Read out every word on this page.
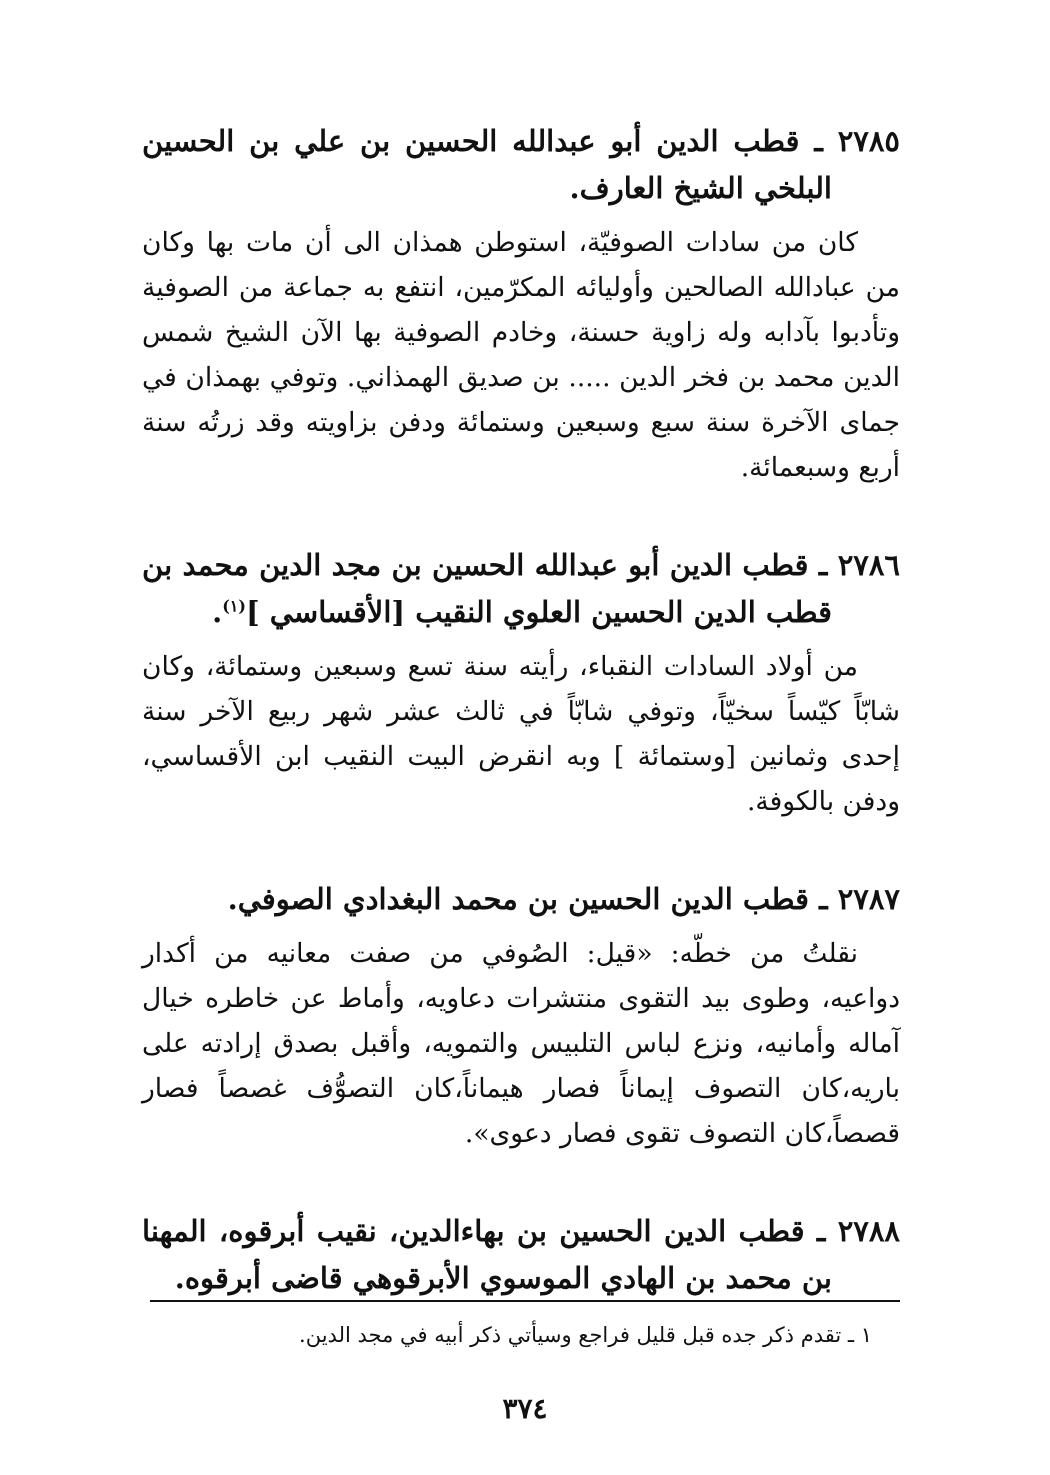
٢٧٨٥ ـ قطب الدين أبو عبدالله الحسين بن علي بن الحسين البلخي الشيخ العارف.

كان من سادات الصوفيّة، استوطن همذان الى أن مات بها وكان من عبادالله الصالحين وأوليائه المكرّمين، انتفع به جماعة من الصوفية وتأدبوا بآدابه وله زاوية حسنة، وخادم الصوفية بها الآن الشيخ شمس الدين محمد بن فخر الدين ..... بن صديق الهمذاني. وتوفي بهمذان في جماى الآخرة سنة سبع وسبعين وستمائة ودفن بزاويته وقد زرتُه سنة أربع وسبعمائة.

٢٧٨٦ ـ قطب الدين أبو عبدالله الحسين بن مجد الدين محمد بن قطب الدين الحسين العلوي النقيب [الأقساسي ]$^{(١)}$.

من أولاد السادات النقباء، رأيته سنة تسع وسبعين وستمائة، وكان شابّاً كيّساً سخيّاً، وتوفي شابّاً في ثالث عشر شهر ربيع الآخر سنة إحدى وثمانين [وستمائة ] وبه انقرض البيت النقيب ابن الأقساسي، ودفن بالكوفة.

٢٧٨٧ ـ قطب الدين الحسين بن محمد البغدادي الصوفي.

نقلتُ من خطّه: «قيل: الصُوفي من صفت معانيه من أكدار دواعيه، وطوى بيد التقوى منتشرات دعاويه، وأماط عن خاطره خيال آماله وأمانيه، ونزع لباس التلبيس والتمويه، وأقبل بصدق إرادته على باريه،كان التصوف إيماناً فصار هيماناً،كان التصوُّف غصصاً فصار قصصاً،كان التصوف تقوى فصار دعوى».

٢٧٨٨ ـ قطب الدين الحسين بن بهاءالدين، نقيب أبرقوه، المهنا بن محمد بن الهادي الموسوي الأبرقوهي قاضى أبرقوه.

١ ـ تقدم ذكر جده قبل قليل فراجع وسيأتي ذكر أبيه في مجد الدين.

٣٧٤
